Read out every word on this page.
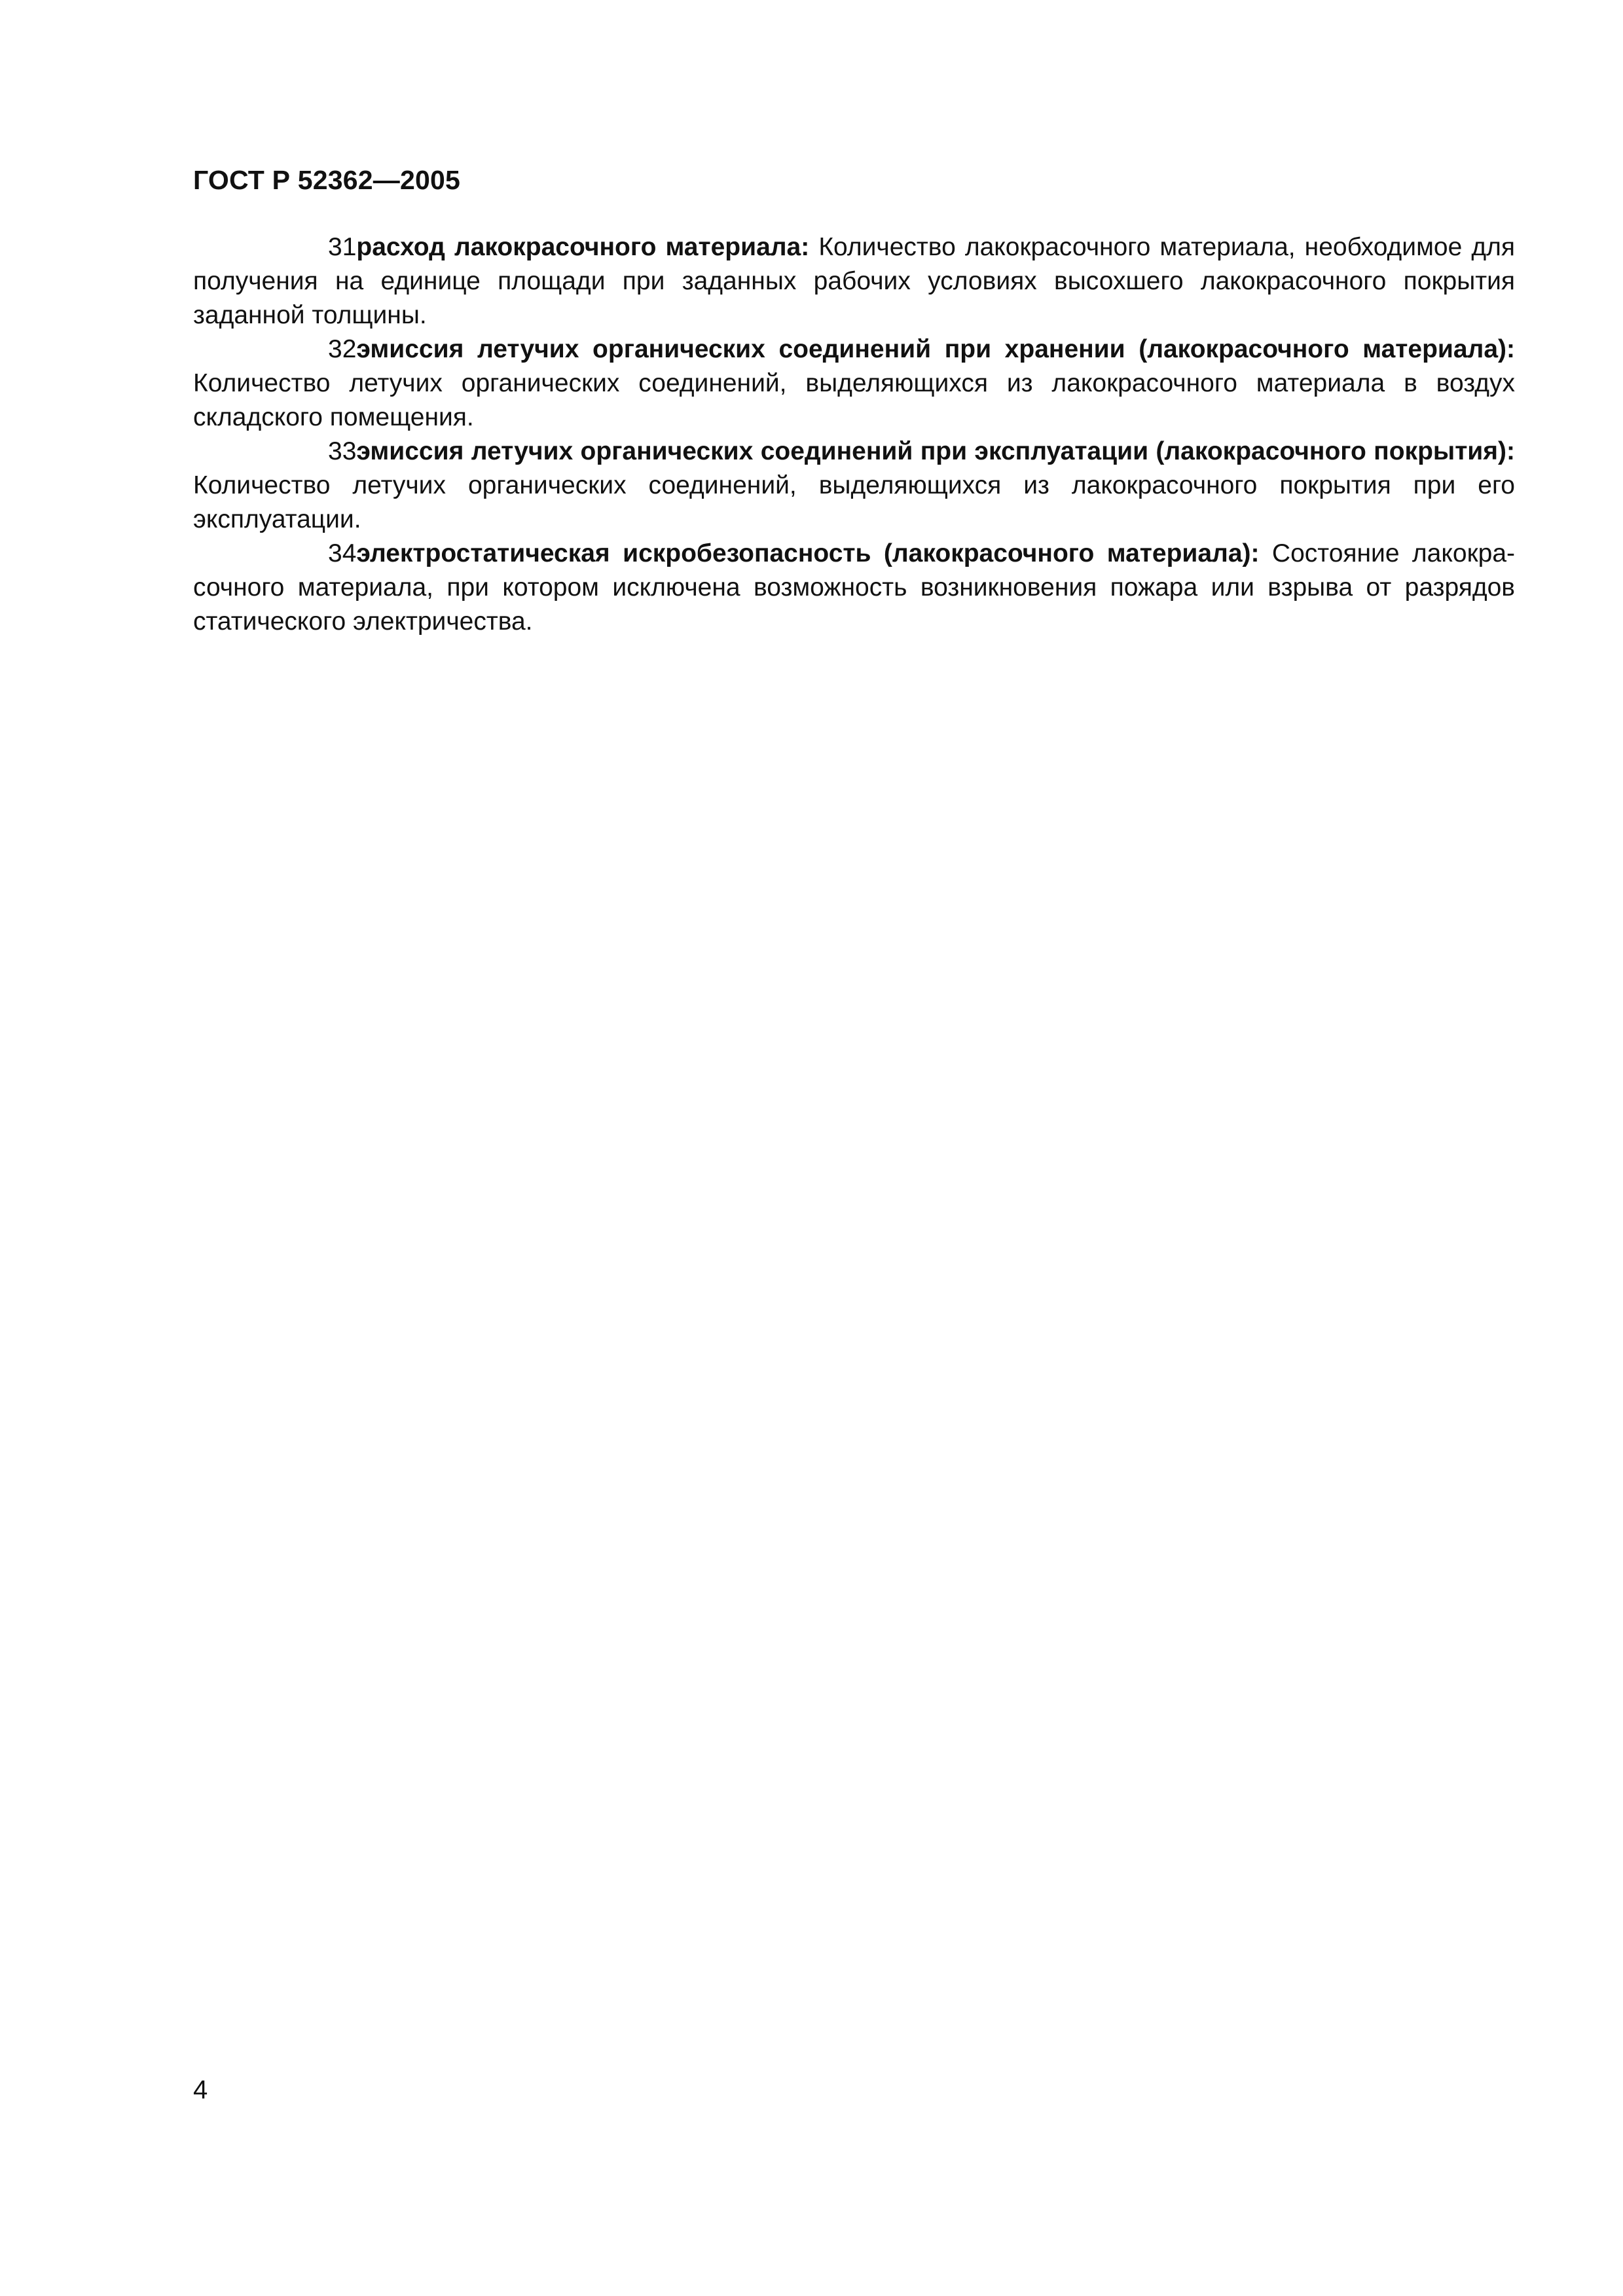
ГОСТ Р 52362—2005

31расход лакокрасочного материала: Количество лакокрасочного материала, необходимое для получения на единице площади при заданных рабочих условиях высохшего лакокрасочного покрытия заданной толщины.

32эмиссия летучих органических соединений при хранении (лакокрасочного материала): Количество летучих органических соединений, выделяющихся из лакокрасочного материала в воздух складского помещения.

33эмиссия летучих органических соединений при эксплуатации (лакокрасочного покрытия): Количество летучих органических соединений, выделяющихся из лакокрасочного покрытия при его эксплуатации.

34электростатическая искробезопасность (лакокрасочного материала): Состояние лакокрасочного материала, при котором исключена возможность возникновения пожара или взрыва от разрядов статического электричества.

4
